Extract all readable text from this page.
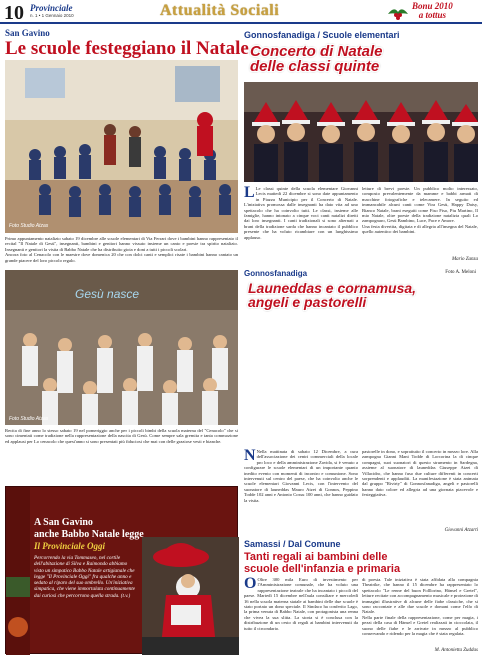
10 Provinciale
n. 1 • 1 Gennaio 2010	Attualità Sociali	Bonu 2010
a tottus
San Gavino
Le scuole festeggiano il Natale
Foto Studio Atzas
Primo appuntamento natalizio sabato 19 dicembre alle scuole elementari di Via Ferrari dove i bambini hanno rappresentato il recital "Il Natale di Gesù", insegnanti, bambini e genitori hanno vissuto insieme un canto e poesie tra spirito natalizio. Insegnanti e genitori la visita di Babbo Natale che ha distribuito gioia e doni a tutti i piccoli scolari.
Ancora foto al Cenacolo con le maestre dove domenica 20 che con dolci canti e semplici risate i bambini hanno cantato un grande piacere del loro piccolo regalo.
Gesù nasce
Foto Studio Atzas
Recita di fine anno lo stesso sabato 19 nel pomeriggio anche per i piccoli bimbi della scuola materna del "Cenacolo" che si sono cimentati come tradizione nella rappresentazione della nascita di Gesù. Come sempre sala gremita e tanta commozione ed applausi per Lo cenacolo che quest'anno si sono presentati più fiduciosi che mai con delle graziose vesti e bianche.
A San Gavino
anche Babbo Natale legge
Il Provinciale Oggi
Percorrendo la via Tommaseo, nel cortile dell'abitazione di Silva e Raimondo abbiamo visto un simpatico Babbo Natale artigianale che legge "Il Provinciale Oggi" fra qualche anno e sedato al riparo del suo ombrello. Un'iniziativa simpatica, che viene immortalata continuamente dai curiosi che percorrono quella strada. (t.v.)
Gonnosfanadiga / Scuole elementari
Concerto di Natale
delle classi quinte
L Le classi quinte della scuola elementare Giovanni Lecis mattedi 22 dicembre si sono date appuntamento in Piazza Municipio per il Concerto di Natale. L'iniziativa promossa dalle insegnanti ha dato vita ad uno spettacolo che ha coinvolto tutti. Le classi, insieme alle famiglie, hanno intonato a cinque voci canti natalizi diretti dai loro insegnanti. I canti tradizionali si sono alternati a brani della tradizione sarda che hanno incantato il pubblico presente che ha voluto ricambiare con un lunghissimo applauso.
letture di brevi poesie. Un pubblico molto interessato, composto prevalentemente da mamme e babbi armati di macchine fotografiche e telecamere. In seguito ed immancabile alcuni canti come Vira Gesù, Happy Daisy, Bianco Natale, brani eseguiti come Fiso Fiso, Piu Martino, Il mio Natale, oltre poesie della tradizione natalizia quali Lo zampognaro, Gesù Bambino, Luce, Pace e Amore.
Una festa divertita, digitata e di allegria all'insegna del Natale, quello autentico dei bambini.
Mario Zanza
Gonnosfanadiga	Foto A. Meloni
Launeddas e cornamusa,
angeli e pastorelli
N Nella mattinata di sabato 12 Dicembre, a cura dell'associazione dei centri commerciali della locale pro loco e della amministrazione Zavida, si è venuto a configurare le scuole elementari di un importante quanto inedito evento con momenti di incontro e comunione. Sono intervenuti sul centro del paese, che ha coinvolto anche le scuole elementari Giovanni Lecis, con l'intervento del suonatore di launeddas Mauro Atzei di Gonnos, Peppino Todde 102 anni e Antonio Cossu 100 anni, che hanno guidato la visita.
pastorelle in dono, e soprattutto il concerto in mezzo lore. Alla zampogna Gianni Mani Todde di Lorcorina la di cinque compagni, suoi suonatori di questo strumento in Sardegna, assieme al suonatore di launeddas Giuseppe Atzei di Villacidro, che hanno fuso due culture differenti in concerti sorprendenti e applauditi. La manifestazione è stata animata dal gruppo "Rivtrty" di Gonnosfanadiga, angeli e pastorelli hanno dato colore ed allegria ad una giornata piacevole e festeggiativa.
Giovanni Atzarti
Samassi / Dal Comune
Tanti regali ai bambini delle
scuole dell'infanzia e primaria
O Oltre 300 mila Euro di investimento per l'Amministrazione comunale, che ha voluto una rappresentazione teatrale che ha incantato i piccoli del paese. Martedì 15 dicembre nell'aula consiliare e mercoledì 16 nella scuola materna statale ai bambini delle due scuole è stato portato un dono speciale. Il Sindaco ha conferito Lago, la prima venuta di Babbo Natale, con protagonista una renna che vivea la sua slitta. La storia si è conclusa con la distribuzione di un cesto di regali ai bambini intervenuti da tutto il circondario.
di poesia. Tale iniziativa è stata affidata alla compagnia Theatrike, che hanno il 15 dicembre ha rappresentato lo spettacolo "Le renne del buon Folllorino, Hänsel e Gretel", letture recitate con accompagnamento musicale e proiezione di immagini illustrative di alcune delle fiabe classiche, che si sono raccontate e alle due scuole e domani come l'elfo di Natale.
Nella parte finale della rappresentazione, come per magia, i pezzi della casa di Hänsel e Gretel realizzati in cioccolata, il suono delle fiabe e le arrivate in mezzo al pubblico conservando e ridendo per la magia che è stata regalata.
M. Antonietta Zuddas
